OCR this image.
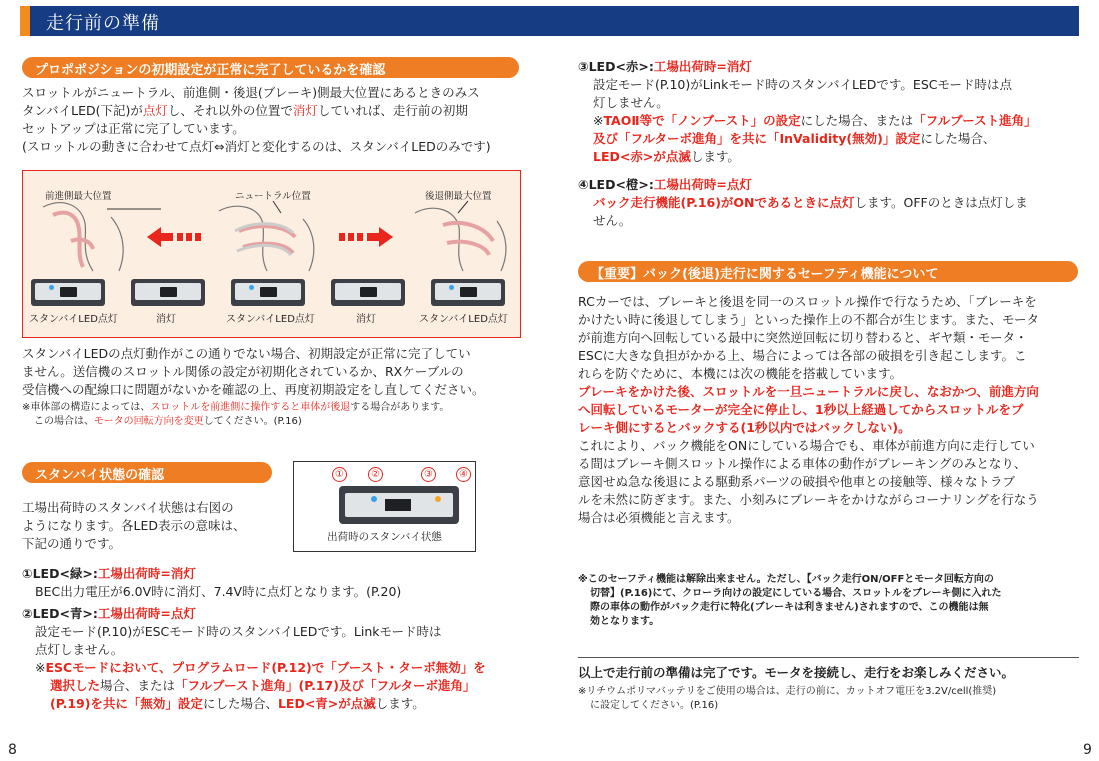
走行前の準備
プロポポジションの初期設定が正常に完了しているかを確認
スロットルがニュートラル、前進側・後退(ブレーキ)側最大位置にあるときのみス
タンバイLED(下記)が点灯し、それ以外の位置で消灯していれば、走行前の初期
セットアップは正常に完了しています。
(スロットルの動きに合わせて点灯⇔消灯と変化するのは、スタンバイLEDのみです)
前進側最大位置	ニュートラル位置	後退側最大位置
スタンバイLED点灯	消灯	スタンバイLED点灯	消灯	スタンバイLED点灯
スタンバイLEDの点灯動作がこの通りでない場合、初期設定が正常に完了してい
ません。送信機のスロットル関係の設定が初期化されているか、RXケーブルの
受信機への配線口に問題がないかを確認の上、再度初期設定をし直してください。
※車体部の構造によっては、スロットルを前進側に操作すると車体が後退する場合があります。
この場合は、モータの回転方向を変更してください。(P.16)
スタンバイ状態の確認
工場出荷時のスタンバイ状態は右図の
ようになります。各LED表示の意味は、
下記の通りです。
①	②	③	④
出荷時のスタンバイ状態
①LED<緑>:工場出荷時=消灯
BEC出力電圧が6.0V時に消灯、7.4V時に点灯となります。(P.20)
②LED<青>:工場出荷時=点灯
設定モード(P.10)がESCモード時のスタンバイLEDです。Linkモード時は
点灯しません。
※ESCモードにおいて、プログラムロード(P.12)で「ブースト・ターボ無効」を
選択した場合、または「フルブースト進角」(P.17)及び「フルターボ進角」
(P.19)を共に「無効」設定にした場合、LED<青>が点滅します。
③LED<赤>:工場出荷時=消灯
設定モード(P.10)がLinkモード時のスタンバイLEDです。ESCモード時は点
灯しません。
※TAOⅡ等で「ノンブースト」の設定にした場合、または「フルブースト進角」
及び「フルターボ進角」を共に「InValidity(無効)」設定にした場合、
LED<赤>が点滅します。
④LED<橙>:工場出荷時=点灯
バック走行機能(P.16)がONであるときに点灯します。OFFのときは点灯しま
せん。
【重要】バック(後退)走行に関するセーフティ機能について
RCカーでは、ブレーキと後退を同一のスロットル操作で行なうため、「ブレーキを
かけたい時に後退してしまう」といった操作上の不都合が生じます。また、モータ
が前進方向へ回転している最中に突然逆回転に切り替わると、ギヤ類・モータ・
ESCに大きな負担がかかる上、場合によっては各部の破損を引き起こします。こ
れらを防ぐために、本機には次の機能を搭載しています。
ブレーキをかけた後、スロットルを一旦ニュートラルに戻し、なおかつ、前進方向
へ回転しているモーターが完全に停止し、1秒以上経過してからスロットルをブ
レーキ側にするとバックする(1秒以内ではバックしない)。
これにより、バック機能をONにしている場合でも、車体が前進方向に走行してい
る間はブレーキ側スロットル操作による車体の動作がブレーキングのみとなり、
意図せぬ急な後退による駆動系パーツの破損や他車との接触等、様々なトラブ
ルを未然に防ぎます。また、小刻みにブレーキをかけながらコーナリングを行なう
場合は必須機能と言えます。
※このセーフティ機能は解除出来ません。ただし、【バック走行ON/OFFとモータ回転方向の
切替】(P.16)にて、クローラ向けの設定にしている場合、スロットルをブレーキ側に入れた
際の車体の動作がバック走行に特化(ブレーキは利きません)されますので、この機能は無
効となります。
以上で走行前の準備は完了です。モータを接続し、走行をお楽しみください。
※リチウムポリマバッテリをご使用の場合は、走行の前に、カットオフ電圧を3.2V/cell(推奨)
に設定してください。(P.16)
8	9
